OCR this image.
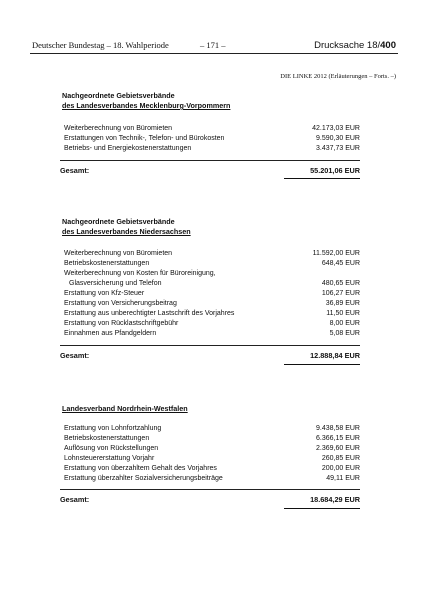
Deutscher Bundestag – 18. Wahlperiode	– 171 –	Drucksache 18/400
DIE LINKE 2012 (Erläuterungen – Forts. –)
Nachgeordnete Gebietsverbände
des Landesverbandes Mecklenburg-Vorpommern
Weiterberechnung von Büromieten	42.173,03 EUR
Erstattungen von Technik-, Telefon- und Bürokosten	9.590,30 EUR
Betriebs- und Energiekostenerstattungen	3.437,73 EUR
Gesamt:	55.201,06 EUR
Nachgeordnete Gebietsverbände
des Landesverbandes Niedersachsen
Weiterberechnung von Büromieten	11.592,00 EUR
Betriebskostenerstattungen	648,45 EUR
Weiterberechnung von Kosten für Büroreinigung,
Glasversicherung und Telefon	480,65 EUR
Erstattung von Kfz-Steuer	106,27 EUR
Erstattung von Versicherungsbeitrag	36,89 EUR
Erstattung aus unberechtigter Lastschrift des Vorjahres	11,50 EUR
Erstattung von Rücklastschriftgebühr	8,00 EUR
Einnahmen aus Pfandgeldern	5,08 EUR
Gesamt:	12.888,84 EUR
Landesverband Nordrhein-Westfalen
Erstattung von Lohnfortzahlung	9.438,58 EUR
Betriebskostenerstattungen	6.366,15 EUR
Auflösung von Rückstellungen	2.369,60 EUR
Lohnsteuererstattung Vorjahr	260,85 EUR
Erstattung von überzahltem Gehalt des Vorjahres	200,00 EUR
Erstattung überzahlter Sozialversicherungsbeiträge	49,11 EUR
Gesamt:	18.684,29 EUR
